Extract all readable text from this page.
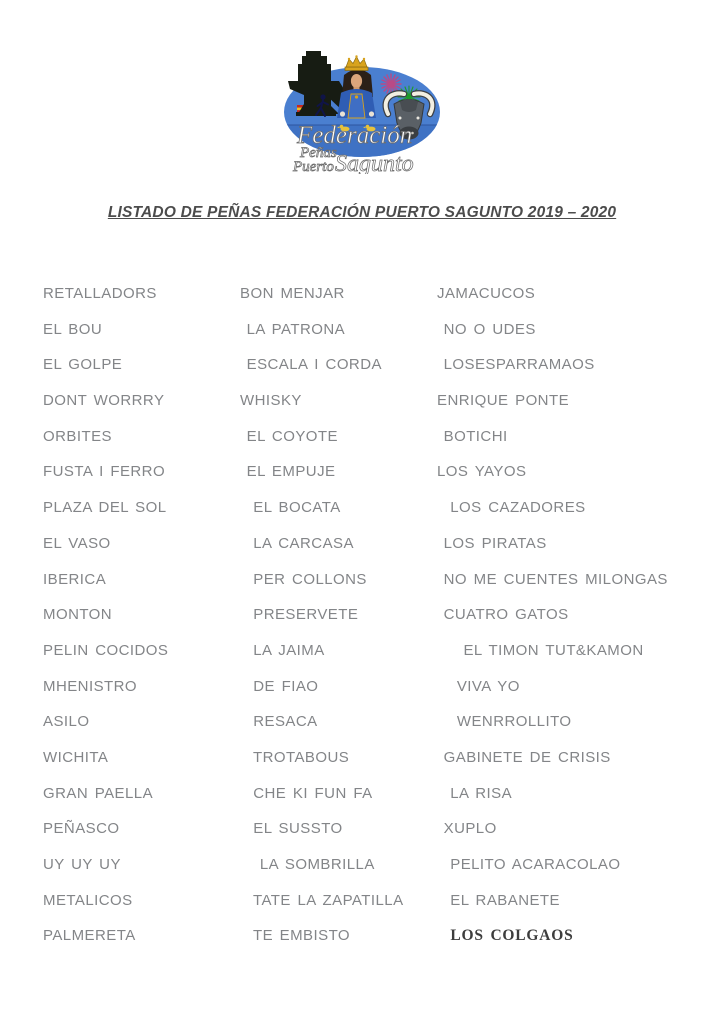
Federación
Peñas
Puerto Sagunto
LISTADO DE PEÑAS FEDERACIÓN PUERTO SAGUNTO 2019 – 2020
RETALLADORS
EL BOU
EL GOLPE
DONT WORRRY
ORBITES
FUSTA I FERRO
PLAZA DEL SOL
EL VASO
IBERICA
MONTON
PELIN COCIDOS
MHENISTRO
ASILO
WICHITA
GRAN PAELLA
PEÑASCO
UY UY UY
METALICOS
PALMERETA
BON MENJAR
LA PATRONA
ESCALA I CORDA
WHISKY
EL COYOTE
EL EMPUJE
EL BOCATA
LA CARCASA
PER COLLONS
PRESERVETE
LA JAIMA
DE FIAO
RESACA
TROTABOUS
CHE KI FUN FA
EL SUSSTO
LA SOMBRILLA
TATE LA ZAPATILLA
TE EMBISTO
JAMACUCOS
NO O UDES
LOSESPARRAMAOS
ENRIQUE PONTE
BOTICHI
LOS YAYOS
LOS CAZADORES
LOS PIRATAS
NO ME CUENTES MILONGAS
CUATRO GATOS
EL TIMON TUT&KAMON
VIVA YO
WENRROLLITO
GABINETE DE CRISIS
LA RISA
XUPLO
PELITO ACARACOLAO
EL RABANETE
LOS COLGAOS
